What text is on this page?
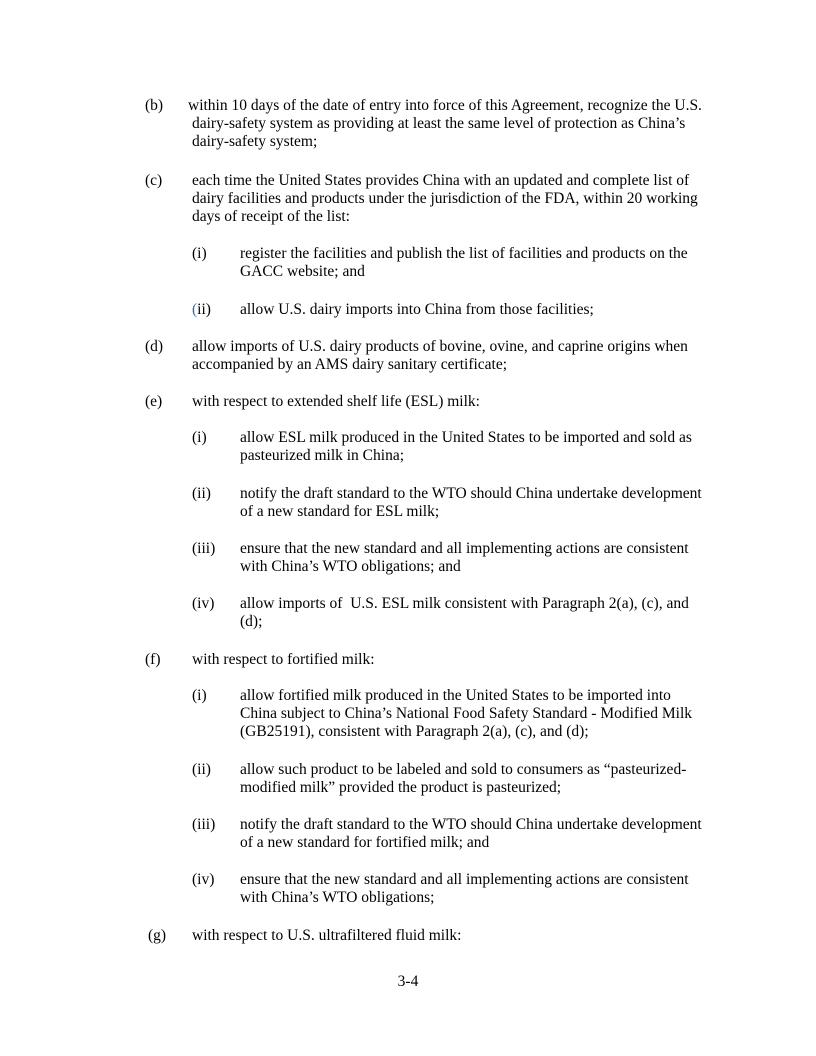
(b) within 10 days of the date of entry into force of this Agreement, recognize the U.S.
dairy-safety system as providing at least the same level of protection as China’s
dairy-safety system;
(c) each time the United States provides China with an updated and complete list of
dairy facilities and products under the jurisdiction of the FDA, within 20 working
days of receipt of the list:
(i) register the facilities and publish the list of facilities and products on the
GACC website; and
(ii) allow U.S. dairy imports into China from those facilities;
(d) allow imports of U.S. dairy products of bovine, ovine, and caprine origins when
accompanied by an AMS dairy sanitary certificate;
(e) with respect to extended shelf life (ESL) milk:
(i) allow ESL milk produced in the United States to be imported and sold as
pasteurized milk in China;
(ii) notify the draft standard to the WTO should China undertake development
of a new standard for ESL milk;
(iii) ensure that the new standard and all implementing actions are consistent
with China’s WTO obligations; and
(iv) allow imports of  U.S. ESL milk consistent with Paragraph 2(a), (c), and
(d);
(f) with respect to fortified milk:
(i) allow fortified milk produced in the United States to be imported into
China subject to China’s National Food Safety Standard - Modified Milk
(GB25191), consistent with Paragraph 2(a), (c), and (d);
(ii) allow such product to be labeled and sold to consumers as “pasteurized-
modified milk” provided the product is pasteurized;
(iii) notify the draft standard to the WTO should China undertake development
of a new standard for fortified milk; and
(iv) ensure that the new standard and all implementing actions are consistent
with China’s WTO obligations;
(g) with respect to U.S. ultrafiltered fluid milk:
3-4
